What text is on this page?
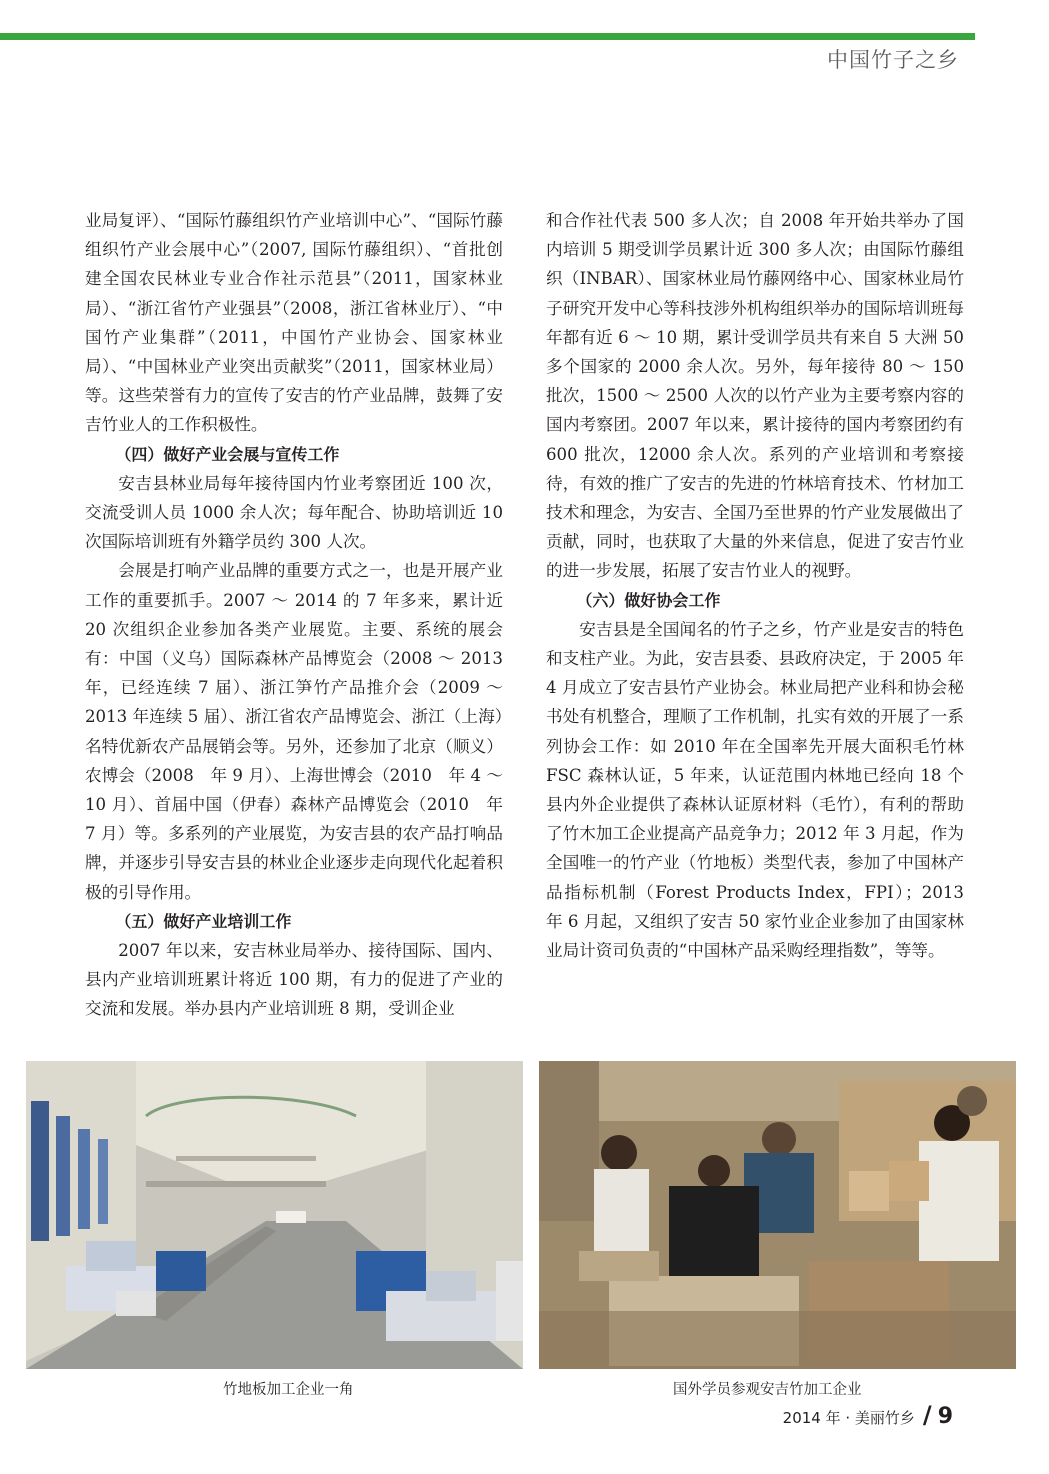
中国竹子之乡

业局复评）、“国际竹藤组织竹产业培训中心”、“国际竹藤组织竹产业会展中心”（2007, 国际竹藤组织）、“首批创建全国农民林业专业合作社示范县”（2011，国家林业局）、“浙江省竹产业强县”（2008，浙江省林业厅）、“中国竹产业集群”（2011，中国竹产业协会、国家林业局）、“中国林业产业突出贡献奖”（2011，国家林业局）等。这些荣誉有力的宣传了安吉的竹产业品牌，鼓舞了安吉竹业人的工作积极性。

（四）做好产业会展与宣传工作

安吉县林业局每年接待国内竹业考察团近 100 次，交流受训人员 1000 余人次；每年配合、协助培训近 10 次国际培训班有外籍学员约 300 人次。

会展是打响产业品牌的重要方式之一，也是开展产业工作的重要抓手。2007 ～ 2014 的 7 年多来，累计近 20 次组织企业参加各类产业展览。主要、系统的展会有：中国（义乌）国际森林产品博览会（2008 ～ 2013 年，已经连续 7 届）、浙江笋竹产品推介会（2009 ～ 2013 年连续 5 届）、浙江省农产品博览会、浙江（上海）名特优新农产品展销会等。另外，还参加了北京（顺义）农博会（2008　年 9 月）、上海世博会（2010　年 4 ～ 10 月）、首届中国（伊春）森林产品博览会（2010　年 7 月）等。多系列的产业展览，为安吉县的农产品打响品牌，并逐步引导安吉县的林业企业逐步走向现代化起着积极的引导作用。

（五）做好产业培训工作

2007 年以来，安吉林业局举办、接待国际、国内、县内产业培训班累计将近 100 期，有力的促进了产业的交流和发展。举办县内产业培训班 8 期，受训企业

和合作社代表 500 多人次；自 2008 年开始共举办了国内培训 5 期受训学员累计近 300 多人次；由国际竹藤组织（INBAR）、国家林业局竹藤网络中心、国家林业局竹子研究开发中心等科技涉外机构组织举办的国际培训班每年都有近 6 ～ 10 期，累计受训学员共有来自 5 大洲 50 多个国家的 2000 余人次。另外，每年接待 80 ～ 150 批次，1500 ～ 2500 人次的以竹产业为主要考察内容的国内考察团。2007 年以来，累计接待的国内考察团约有 600 批次，12000 余人次。系列的产业培训和考察接待，有效的推广了安吉的先进的竹林培育技术、竹材加工技术和理念，为安吉、全国乃至世界的竹产业发展做出了贡献，同时，也获取了大量的外来信息，促进了安吉竹业的进一步发展，拓展了安吉竹业人的视野。

（六）做好协会工作

安吉县是全国闻名的竹子之乡，竹产业是安吉的特色和支柱产业。为此，安吉县委、县政府决定，于 2005 年 4 月成立了安吉县竹产业协会。林业局把产业科和协会秘书处有机整合，理顺了工作机制，扎实有效的开展了一系列协会工作：如 2010 年在全国率先开展大面积毛竹林 FSC 森林认证，5 年来，认证范围内林地已经向 18 个县内外企业提供了森林认证原材料（毛竹），有利的帮助了竹木加工企业提高产品竞争力；2012 年 3 月起，作为全国唯一的竹产业（竹地板）类型代表，参加了中国林产品指标机制（Forest Products Index，FPI）；2013 年 6 月起，又组织了安吉 50 家竹业企业参加了由国家林业局计资司负责的“中国林产品采购经理指数”，等等。

竹地板加工企业一角	国外学员参观安吉竹加工企业
2014 年 · 美丽竹乡 / 9
